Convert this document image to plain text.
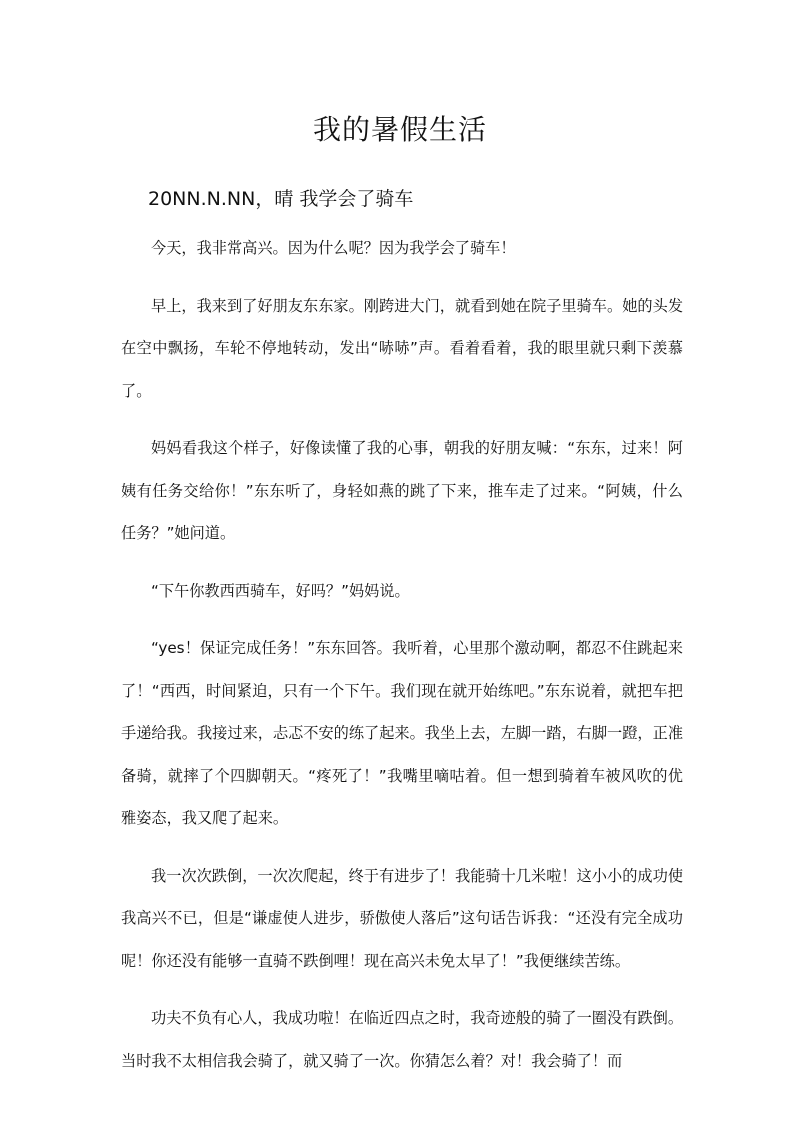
我的暑假生活
20NN.N.NN，晴 我学会了骑车

今天，我非常高兴。因为什么呢？因为我学会了骑车！

早上，我来到了好朋友东东家。刚跨进大门，就看到她在院子里骑车。她的头发在空中飘扬，车轮不停地转动，发出“哧哧”声。看着看着，我的眼里就只剩下羡慕了。

妈妈看我这个样子，好像读懂了我的心事，朝我的好朋友喊：“东东，过来！阿姨有任务交给你！”东东听了，身轻如燕的跳了下来，推车走了过来。“阿姨，什么任务？”她问道。

“下午你教西西骑车，好吗？”妈妈说。

“yes！保证完成任务！”东东回答。我听着，心里那个激动啊，都忍不住跳起来了！“西西，时间紧迫，只有一个下午。我们现在就开始练吧。”东东说着，就把车把手递给我。我接过来，忐忑不安的练了起来。我坐上去，左脚一踏，右脚一蹬，正准备骑，就摔了个四脚朝天。“疼死了！”我嘴里嘀咕着。但一想到骑着车被风吹的优雅姿态，我又爬了起来。

我一次次跌倒，一次次爬起，终于有进步了！我能骑十几米啦！这小小的成功使我高兴不已，但是“谦虚使人进步，骄傲使人落后”这句话告诉我：“还没有完全成功呢！你还没有能够一直骑不跌倒哩！现在高兴未免太早了！”我便继续苦练。

功夫不负有心人，我成功啦！在临近四点之时，我奇迹般的骑了一圈没有跌倒。当时我不太相信我会骑了，就又骑了一次。你猜怎么着？对！我会骑了！而
